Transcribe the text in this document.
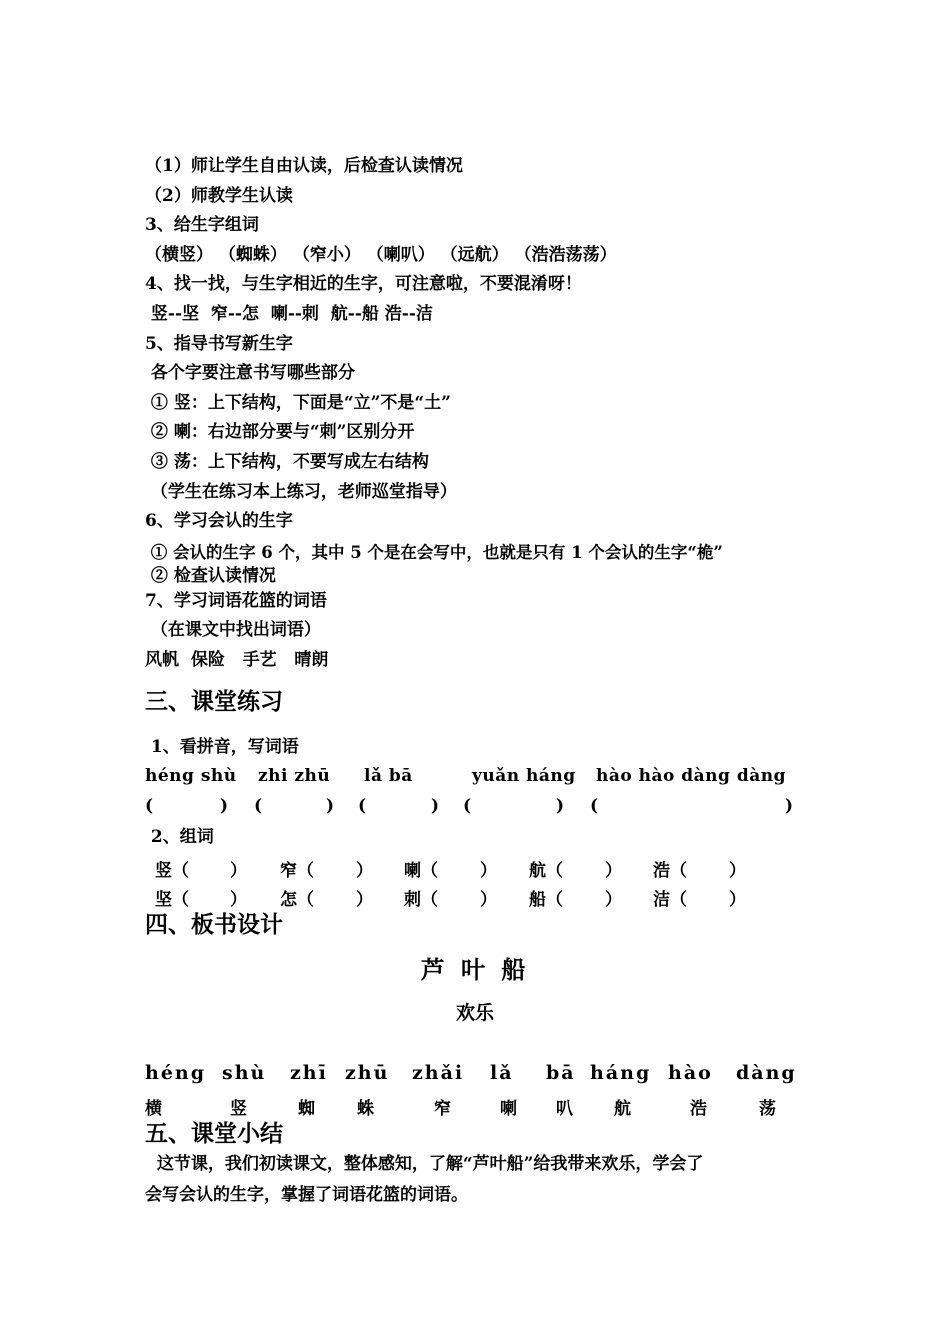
（1）师让学生自由认读，后检查认读情况
（2）师教学生认读
3、给生字组词
（横竖） （蜘蛛） （窄小） （喇叭） （远航） （浩浩荡荡）
4、找一找，与生字相近的生字，可注意啦，不要混淆呀！
竖--坚  窄--怎  喇--刺  航--船 浩--洁
5、指导书写新生字
各个字要注意书写哪些部分
① 竖：上下结构，下面是“立”不是“土”
② 喇：右边部分要与“刺”区别分开
③ 荡：上下结构，不要写成左右结构
（学生在练习本上练习，老师巡堂指导）
6、学习会认的生字
① 会认的生字 6 个，其中 5 个是在会写中，也就是只有 1 个会认的生字“桅”
② 检查认读情况
7、学习词语花篮的词语
（在课文中找出词语）
风帆  保险   手艺   晴朗
三、课堂练习
1、看拼音，写词语
héng shù zhi zhū lǎ bā	yuǎn háng hào hào dàng dàng
(	) (	) (	) (	) (	)
2、组词
竖（ ） 窄（ ） 喇（ ） 航（ ） 浩（ ）
坚（ ） 怎（ ） 刺（ ） 船（ ） 洁（ ）
四、板书设计
芦 叶 船
欢乐
héng shù zhī zhū zhǎi lǎ bā háng hào dàng
横	竖	蜘 蛛	窄	喇 叭 航	浩	荡
五、课堂小结
这节课，我们初读课文，整体感知，了解“芦叶船”给我带来欢乐，学会了
会写会认的生字，掌握了词语花篮的词语。
